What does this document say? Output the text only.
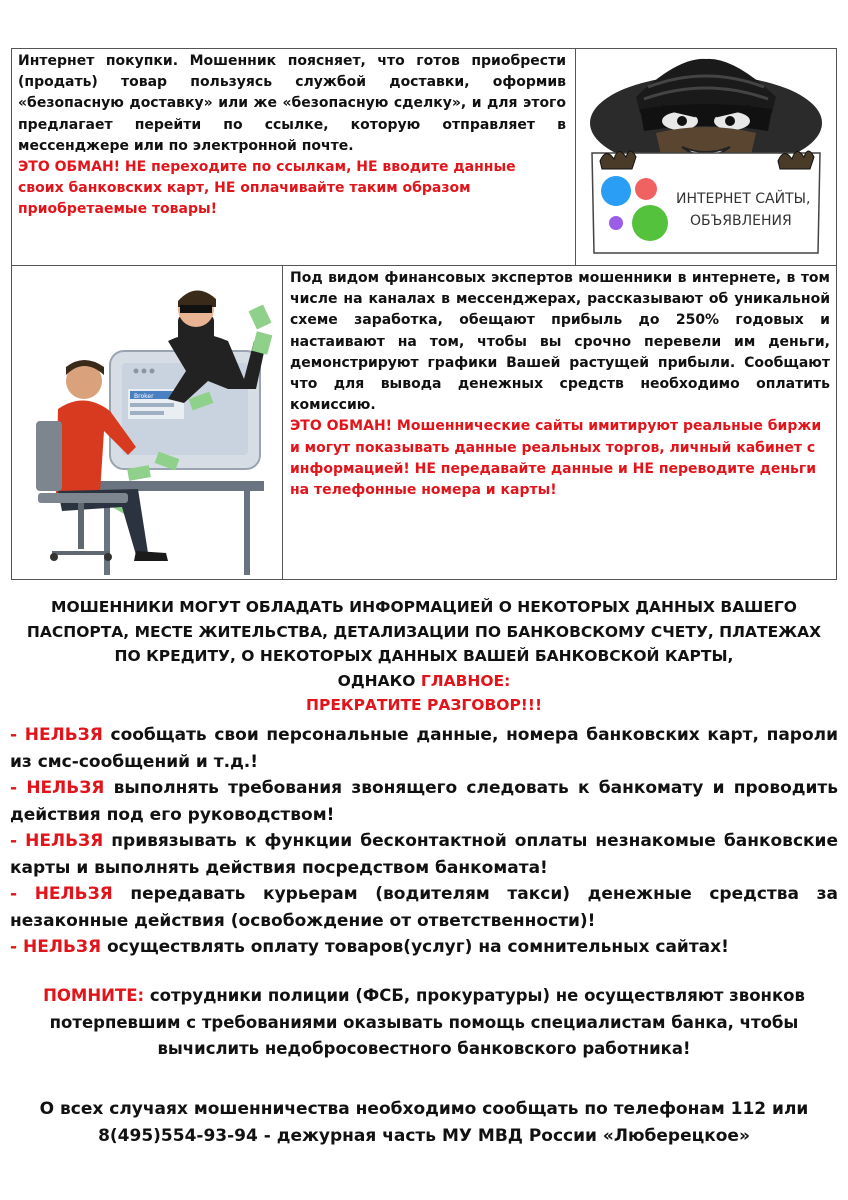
Интернет покупки. Мошенник поясняет, что готов приобрести (продать) товар пользуясь службой доставки, оформив «безопасную доставку» или же «безопасную сделку», и для этого предлагает перейти по ссылке, которую отправляет в мессенджере или по электронной почте.

ЭТО ОБМАН! НЕ переходите по ссылкам, НЕ вводите данные своих банковских карт, НЕ оплачивайте таким образом приобретаемые товары!

ИНТЕРНЕТ САЙТЫ,
ОБЪЯВЛЕНИЯ
Broker

Под видом финансовых экспертов мошенники в интернете, в том числе на каналах в мессенджерах, рассказывают об уникальной схеме заработка, обещают прибыль до 250% годовых и настаивают на том, чтобы вы срочно перевели им деньги, демонстрируют графики Вашей растущей прибыли. Сообщают что для вывода денежных средств необходимо оплатить комиссию.

ЭТО ОБМАН! Мошеннические сайты имитируют реальные биржи и могут показывать данные реальных торгов, личный кабинет с информацией! НЕ передавайте данные и НЕ переводите деньги на телефонные номера и карты!

МОШЕННИКИ МОГУТ ОБЛАДАТЬ ИНФОРМАЦИЕЙ О НЕКОТОРЫХ ДАННЫХ ВАШЕГО ПАСПОРТА, МЕСТЕ ЖИТЕЛЬСТВА, ДЕТАЛИЗАЦИИ ПО БАНКОВСКОМУ СЧЕТУ, ПЛАТЕЖАХ ПО КРЕДИТУ, О НЕКОТОРЫХ ДАННЫХ ВАШЕЙ БАНКОВСКОЙ КАРТЫ,

ОДНАКО ГЛАВНОЕ:

ПРЕКРАТИТЕ РАЗГОВОР!!!

- НЕЛЬЗЯ сообщать свои персональные данные, номера банковских карт, пароли из смс-сообщений и т.д.!

- НЕЛЬЗЯ выполнять требования звонящего следовать к банкомату и проводить действия под его руководством!

- НЕЛЬЗЯ привязывать к функции бесконтактной оплаты незнакомые банковские карты и выполнять действия посредством банкомата!

- НЕЛЬЗЯ передавать курьерам (водителям такси) денежные средства за незаконные действия (освобождение от ответственности)!

- НЕЛЬЗЯ осуществлять оплату товаров(услуг) на сомнительных сайтах!

ПОМНИТЕ: сотрудники полиции (ФСБ, прокуратуры) не осуществляют звонков потерпевшим с требованиями оказывать помощь специалистам банка, чтобы вычислить недобросовестного банковского работника!

О всех случаях мошенничества необходимо сообщать по телефонам 112 или 8(495)554-93-94 - дежурная часть МУ МВД России «Люберецкое»
